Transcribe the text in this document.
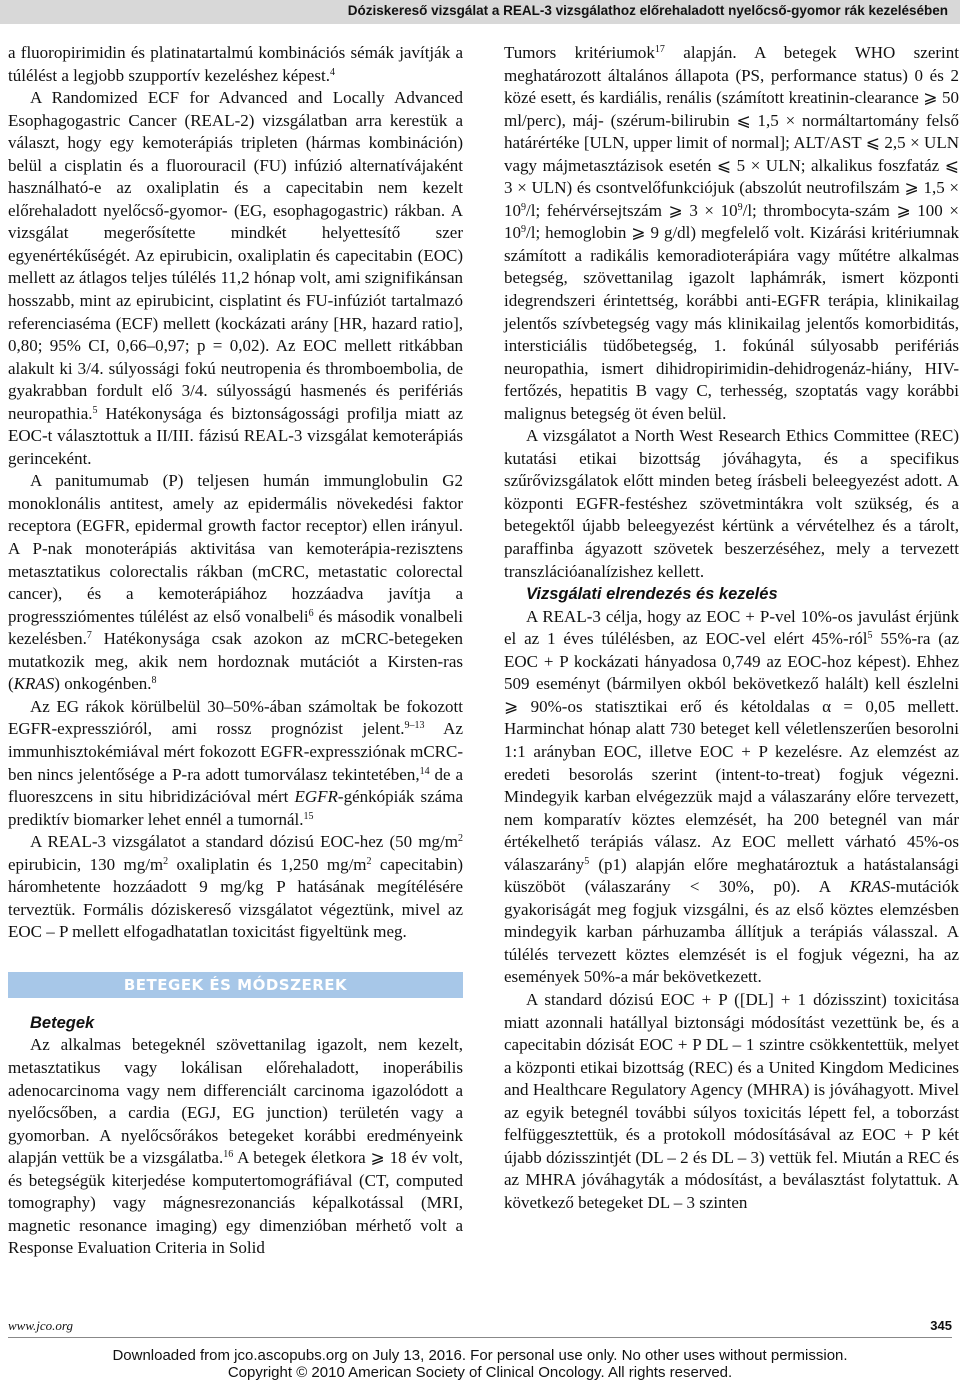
Dóziskereső vizsgálat a REAL-3 vizsgálathoz előrehaladott nyelőcső-gyomor rák kezelésében

a fluoropirimidin és platinatartalmú kombinációs sémák javítják a túlélést a legjobb szupportív kezeléshez képest.$^4$

A Randomized ECF for Advanced and Locally Advanced Esophagogastric Cancer (REAL-2) vizsgálatban arra kerestük a választ, hogy egy kemoterápiás tripleten (hármas kombináción) belül a cisplatin és a fluorouracil (FU) infúzió alternatívájaként használható-e az oxaliplatin és a capecitabin nem kezelt előrehaladott nyelőcső-gyomor- (EG, esophagogastric) rákban. A vizsgálat megerősítette mindkét helyettesítő szer egyenértékűségét. Az epirubicin, oxaliplatin és capecitabin (EOC) mellett az átlagos teljes túlélés 11,2 hónap volt, ami szignifikánsan hosszabb, mint az epirubicint, cisplatint és FU-infúziót tartalmazó referenciaséma (ECF) mellett (kockázati arány [HR, hazard ratio], 0,80; 95% CI, 0,66–0,97; p = 0,02). Az EOC mellett ritkábban alakult ki 3/4. súlyossági fokú neutropenia és thromboembolia, de gyakrabban fordult elő 3/4. súlyosságú hasmenés és perifériás neuropathia.$^5$ Hatékonysága és biztonságossági profilja miatt az EOC-t választottuk a II/III. fázisú REAL-3 vizsgálat kemoterápiás gerinceként.

A panitumumab (P) teljesen humán immunglobulin G2 monoklonális antitest, amely az epidermális növekedési faktor receptora (EGFR, epidermal growth factor receptor) ellen irányul. A P-nak monoterápiás aktivitása van kemoterápia-rezisztens metasztatikus colorectalis rákban (mCRC, metastatic colorectal cancer), és a kemoterápiához hozzáadva javítja a progressziómentes túlélést az első vonalbeli$^6$ és második vonalbeli kezelésben.$^7$ Hatékonysága csak azokon az mCRC-betegeken mutatkozik meg, akik nem hordoznak mutációt a Kirsten-ras (KRAS) onkogénben.$^8$

Az EG rákok körülbelül 30–50%-ában számoltak be fokozott EGFR-expresszióról, ami rossz prognózist jelent.$^{9-13}$ Az immunhisztokémiával mért fokozott EGFR-expressziónak mCRC-ben nincs jelentősége a P-ra adott tumorválasz tekintetében,$^{14}$ de a fluoreszcens in situ hibridizációval mért EGFR-génkópiák száma prediktív biomarker lehet ennél a tumornál.$^{15}$

A REAL-3 vizsgálatot a standard dózisú EOC-hez (50 $mg/m^2$ epirubicin, 130 $mg/m^2$ oxaliplatin és 1,250 $mg/m^2$ capecitabin) háromhetente hozzáadott 9 mg/kg P hatásának megítélésére terveztük. Formális dóziskereső vizsgálatot végeztünk, mivel az EOC – P mellett elfogadhatatlan toxicitást figyeltünk meg.

BETEGEK ÉS MÓDSZEREK

Betegek

Az alkalmas betegeknél szövettanilag igazolt, nem kezelt, metasztatikus vagy lokálisan előrehaladott, inoperábilis adenocarcinoma vagy nem differenciált carcinoma igazolódott a nyelőcsőben, a cardia (EGJ, EG junction) területén vagy a gyomorban. A nyelőcsőrákos betegeket korábbi eredményeink alapján vettük be a vizsgálatba.$^{16}$ A betegek életkora ⩾ 18 év volt, és betegségük kiterjedése komputertomográfiával (CT, computed tomography) vagy mágnesrezonanciás képalkotással (MRI, magnetic resonance imaging) egy dimenzióban mérhető volt a Response Evaluation Criteria in Solid

Tumors kritériumok$^{17}$ alapján. A betegek WHO szerint meghatározott általános állapota (PS, performance status) 0 és 2 közé esett, és kardiális, renális (számított kreatinin-clearance ⩾ 50 ml/perc), máj- (szérum-bilirubin ⩽ 1,5 × normáltartomány felső határértéke [ULN, upper limit of normal]; ALT/AST ⩽ 2,5 × ULN vagy májmetasztázisok esetén ⩽ 5 × ULN; alkalikus foszfatáz ⩽ 3 × ULN) és csontvelőfunkciójuk (abszolút neutrofilszám ⩾ $1,5 \times 10^9/l$; fehérvérsejtszám ⩾ $3 \times 10^9/l$; thrombocyta-szám ⩾ $100 \times 10^9/l$; hemoglobin ⩾ 9 g/dl) megfelelő volt. Kizárási kritériumnak számított a radikális kemoradioterápiára vagy műtétre alkalmas betegség, szövettanilag igazolt laphámrák, ismert központi idegrendszeri érintettség, korábbi anti-EGFR terápia, klinikailag jelentős szívbetegség vagy más klinikailag jelentős komorbiditás, intersticiális tüdőbetegség, 1. fokúnál súlyosabb perifériás neuropathia, ismert dihidropirimidin-dehidrogenáz-hiány, HIV-fertőzés, hepatitis B vagy C, terhesség, szoptatás vagy korábbi malignus betegség öt éven belül.

A vizsgálatot a North West Research Ethics Committee (REC) kutatási etikai bizottság jóváhagyta, és a specifikus szűrővizsgálatok előtt minden beteg írásbeli beleegyezést adott. A központi EGFR-festéshez szövetmintákra volt szükség, és a betegektől újabb beleegyezést kértünk a vérvételhez és a tárolt, paraffinba ágyazott szövetek beszerzéséhez, mely a tervezett transzlációanalízishez kellett.

Vizsgálati elrendezés és kezelés

A REAL-3 célja, hogy az EOC + P-vel 10%-os javulást érjünk el az 1 éves túlélésben, az EOC-vel elért 45%-ról$^5$ 55%-ra (az EOC + P kockázati hányadosa 0,749 az EOC-hoz képest). Ehhez 509 eseményt (bármilyen okból bekövetkező halált) kell észlelni ⩾ 90%-os statisztikai erő és kétoldalas α = 0,05 mellett. Harminchat hónap alatt 730 beteget kell véletlenszerűen besorolni 1:1 arányban EOC, illetve EOC + P kezelésre. Az elemzést az eredeti besorolás szerint (intent-to-treat) fogjuk végezni. Mindegyik karban elvégezzük majd a válaszarány előre tervezett, nem komparatív köztes elemzését, ha 200 betegnél van már értékelhető terápiás válasz. Az EOC mellett várható 45%-os válaszarány$^5$ (p1) alapján előre meghatároztuk a hatástalansági küszöböt (válaszarány < 30%, p0). A KRAS-mutációk gyakoriságát meg fogjuk vizsgálni, és az első köztes elemzésben mindegyik karban párhuzamba állítjuk a terápiás válasszal. A túlélés tervezett köztes elemzését is el fogjuk végezni, ha az események 50%-a már bekövetkezett.

A standard dózisú EOC + P ([DL] + 1 dózisszint) toxicitása miatt azonnali hatállyal biztonsági módosítást vezettünk be, és a capecitabin dózisát EOC + P DL – 1 szintre csökkentettük, melyet a központi etikai bizottság (REC) és a United Kingdom Medicines and Healthcare Regulatory Agency (MHRA) is jóváhagyott. Mivel az egyik betegnél további súlyos toxicitás lépett fel, a toborzást felfüggesztettük, és a protokoll módosításával az EOC + P két újabb dózisszintjét (DL – 2 és DL – 3) vettük fel. Miután a REC és az MHRA jóváhagyták a módosítást, a beválasztást folytattuk. A következő betegeket DL – 3 szinten

www.jco.org	345
Downloaded from jco.ascopubs.org on July 13, 2016. For personal use only. No other uses without permission.
Copyright © 2010 American Society of Clinical Oncology. All rights reserved.
